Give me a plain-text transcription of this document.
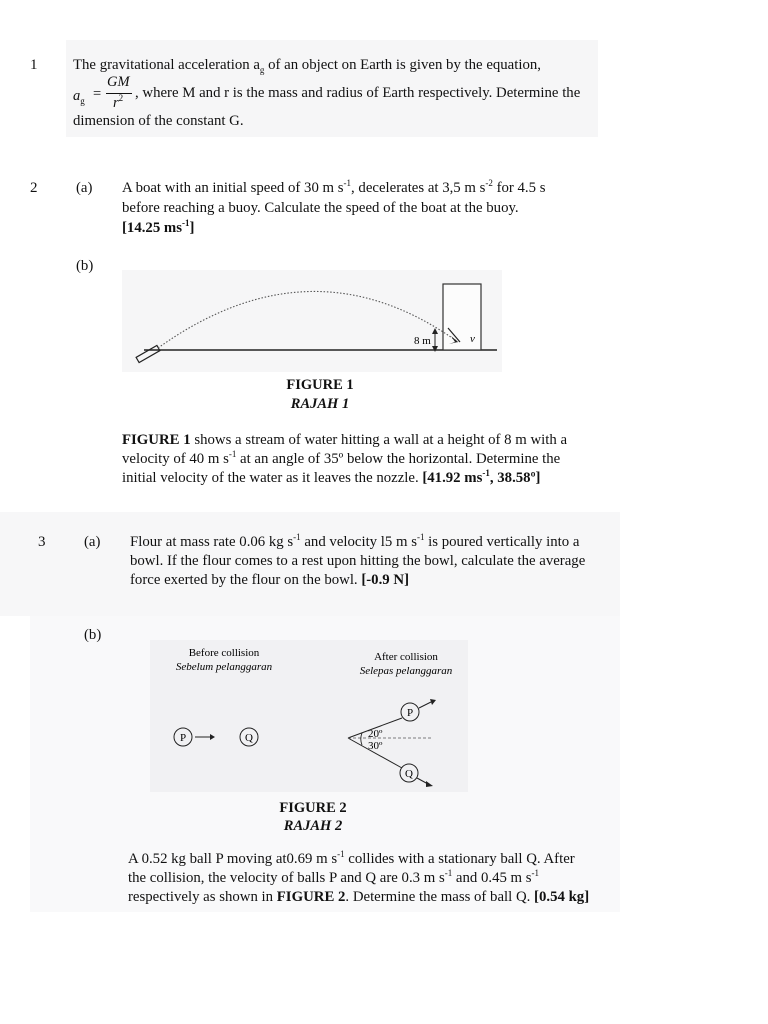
1 The gravitational acceleration $a_g$ of an object on Earth is given by the equation,
$a_g$ =
GM
$r^2$ , where M and r is the mass and radius of Earth respectively. Determine the
dimension of the constant G.
2	(a) A boat with an initial speed of 30 m $s^{-1}$, decelerates at 3,5 m $s^{-2}$ for 4.5 s
before reaching a buoy. Calculate the speed of the boat at the buoy.
[14.25 $ms^{-1}$]
(b)
8 m	v
FIGURE 1
RAJAH 1
FIGURE 1 shows a stream of water hitting a wall at a height of 8 m with a
velocity of 40 m $s^{-1}$ at an angle of 35º below the horizontal. Determine the
initial velocity of the water as it leaves the nozzle. [41.92 $ms^{-1}$, 38.58º]
3	(a) Flour at mass rate 0.06 kg $s^{-1}$ and velocity l5 m $s^{-1}$ is poured vertically into a
bowl. If the flour comes to a rest upon hitting the bowl, calculate the average
force exerted by the flour on the bowl. [-0.9 N]
(b)
Before collision
Sebelum pelanggaran
After collision
Selepas pelanggaran
P	Q	20º
30º
P
Q
FIGURE 2
RAJAH 2
A 0.52 kg ball P moving at0.69 m $s^{-1}$ collides with a stationary ball Q. After
the collision, the velocity of balls P and Q are 0.3 m $s^{-1}$ and 0.45 m $s^{-1}$
respectively as shown in FIGURE 2. Determine the mass of ball Q. [0.54 kg]
